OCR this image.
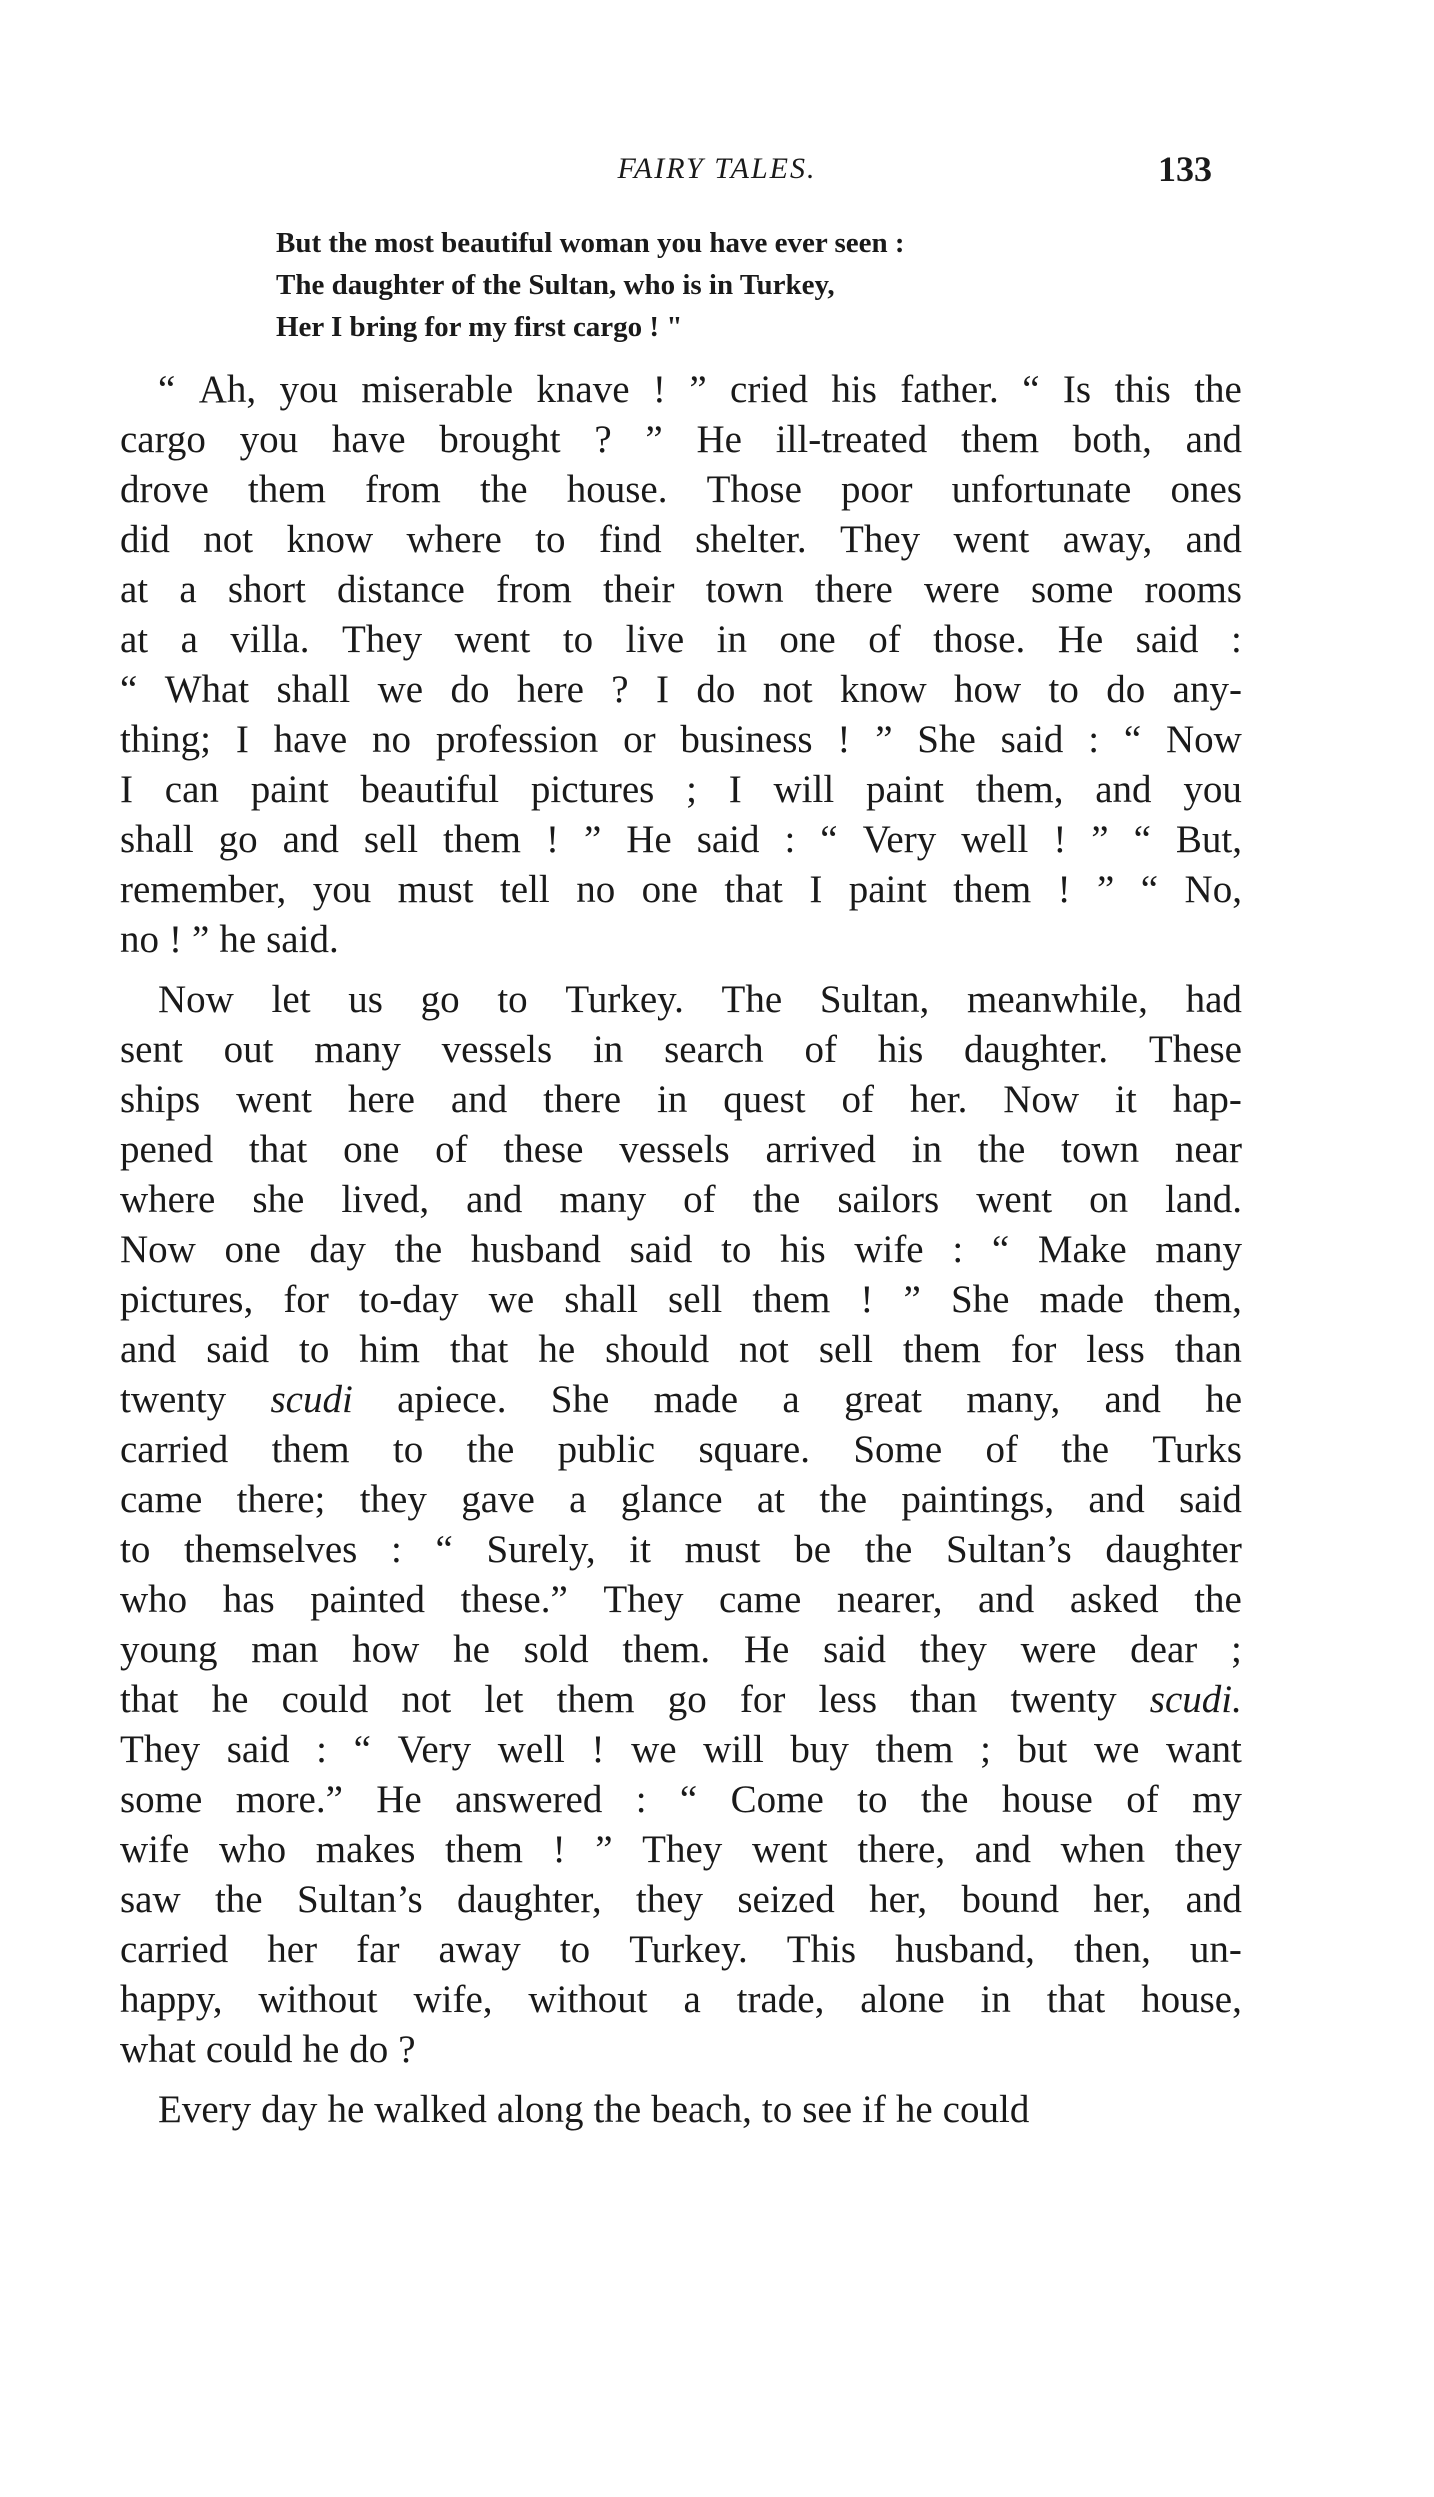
FAIRY TALES.	133
But the most beautiful woman you have ever seen :
The daughter of the Sultan, who is in Turkey,
Her I bring for my first cargo ! "
“ Ah, you miserable knave ! ” cried his father. “ Is this the
cargo you have brought ? ” He ill-treated them both, and
drove them from the house. Those poor unfortunate ones
did not know where to find shelter. They went away, and
at a short distance from their town there were some rooms
at a villa. They went to live in one of those. He said :
“ What shall we do here ? I do not know how to do any-
thing; I have no profession or business ! ” She said : “ Now
I can paint beautiful pictures ; I will paint them, and you
shall go and sell them ! ” He said : “ Very well ! ” “ But,
remember, you must tell no one that I paint them ! ” “ No,
no ! ” he said.
Now let us go to Turkey. The Sultan, meanwhile, had
sent out many vessels in search of his daughter. These
ships went here and there in quest of her. Now it hap-
pened that one of these vessels arrived in the town near
where she lived, and many of the sailors went on land.
Now one day the husband said to his wife : “ Make many
pictures, for to-day we shall sell them ! ” She made them,
and said to him that he should not sell them for less than
twenty scudi apiece. She made a great many, and he
carried them to the public square. Some of the Turks
came there; they gave a glance at the paintings, and said
to themselves : “ Surely, it must be the Sultan’s daughter
who has painted these.” They came nearer, and asked the
young man how he sold them. He said they were dear ;
that he could not let them go for less than twenty scudi.
They said : “ Very well ! we will buy them ; but we want
some more.” He answered : “ Come to the house of my
wife who makes them ! ” They went there, and when they
saw the Sultan’s daughter, they seized her, bound her, and
carried her far away to Turkey. This husband, then, un-
happy, without wife, without a trade, alone in that house,
what could he do ?
Every day he walked along the beach, to see if he could
